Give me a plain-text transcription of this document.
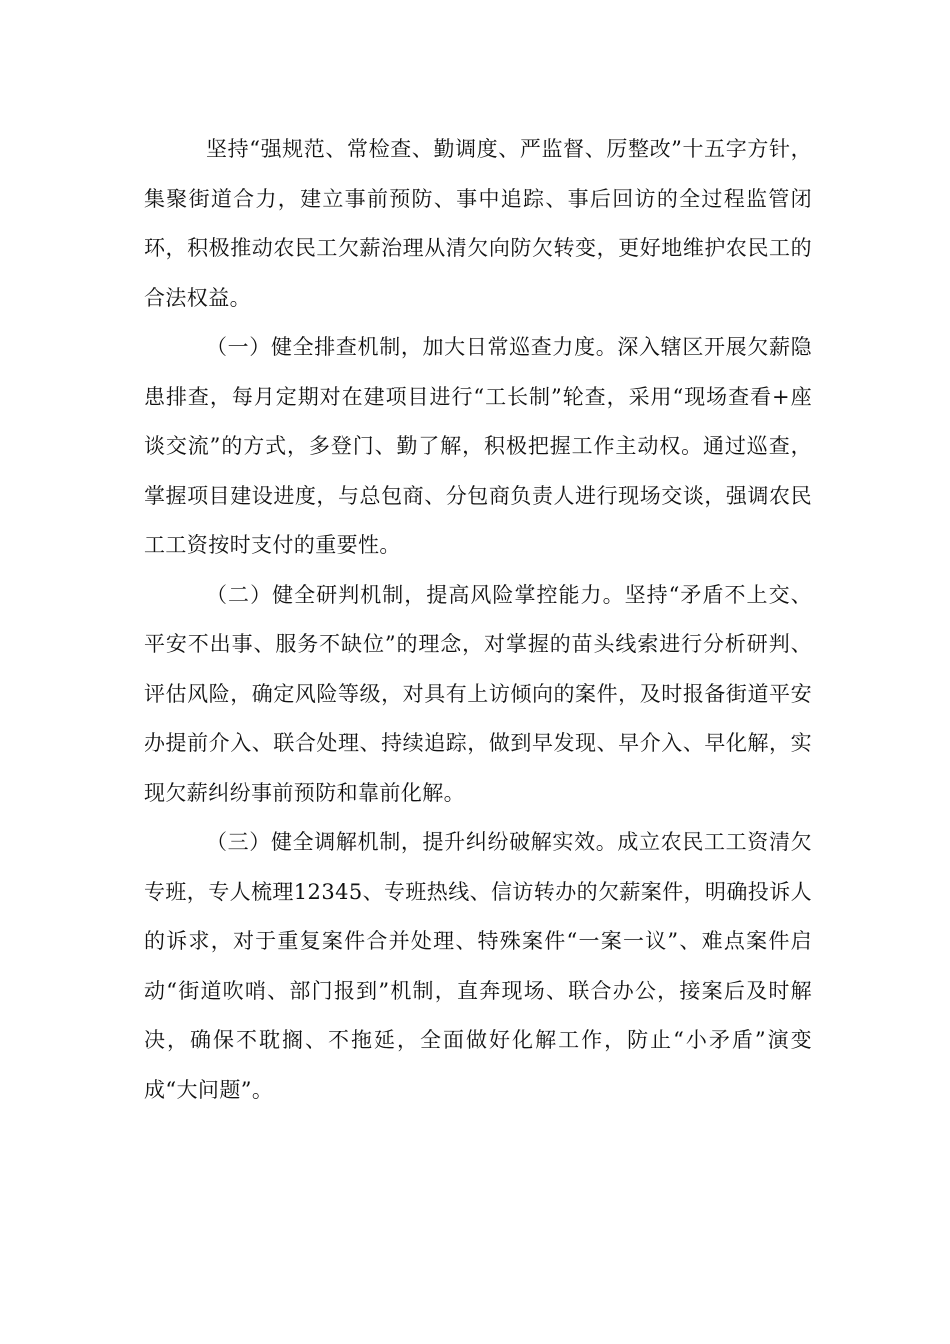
坚持“强规范、常检查、勤调度、严监督、厉整改”十五字方针，集聚街道合力，建立事前预防、事中追踪、事后回访的全过程监管闭环，积极推动农民工欠薪治理从清欠向防欠转变，更好地维护农民工的合法权益。

（一）健全排查机制，加大日常巡查力度。深入辖区开展欠薪隐患排查，每月定期对在建项目进行“工长制”轮查，采用“现场查看+座谈交流”的方式，多登门、勤了解，积极把握工作主动权。通过巡查，掌握项目建设进度，与总包商、分包商负责人进行现场交谈，强调农民工工资按时支付的重要性。

（二）健全研判机制，提高风险掌控能力。坚持“矛盾不上交、平安不出事、服务不缺位”的理念，对掌握的苗头线索进行分析研判、评估风险，确定风险等级，对具有上访倾向的案件，及时报备街道平安办提前介入、联合处理、持续追踪，做到早发现、早介入、早化解，实现欠薪纠纷事前预防和靠前化解。

（三）健全调解机制，提升纠纷破解实效。成立农民工工资清欠专班，专人梳理12345、专班热线、信访转办的欠薪案件，明确投诉人的诉求，对于重复案件合并处理、特殊案件“一案一议”、难点案件启动“街道吹哨、部门报到”机制，直奔现场、联合办公，接案后及时解决，确保不耽搁、不拖延，全面做好化解工作，防止“小矛盾”演变成“大问题”。
